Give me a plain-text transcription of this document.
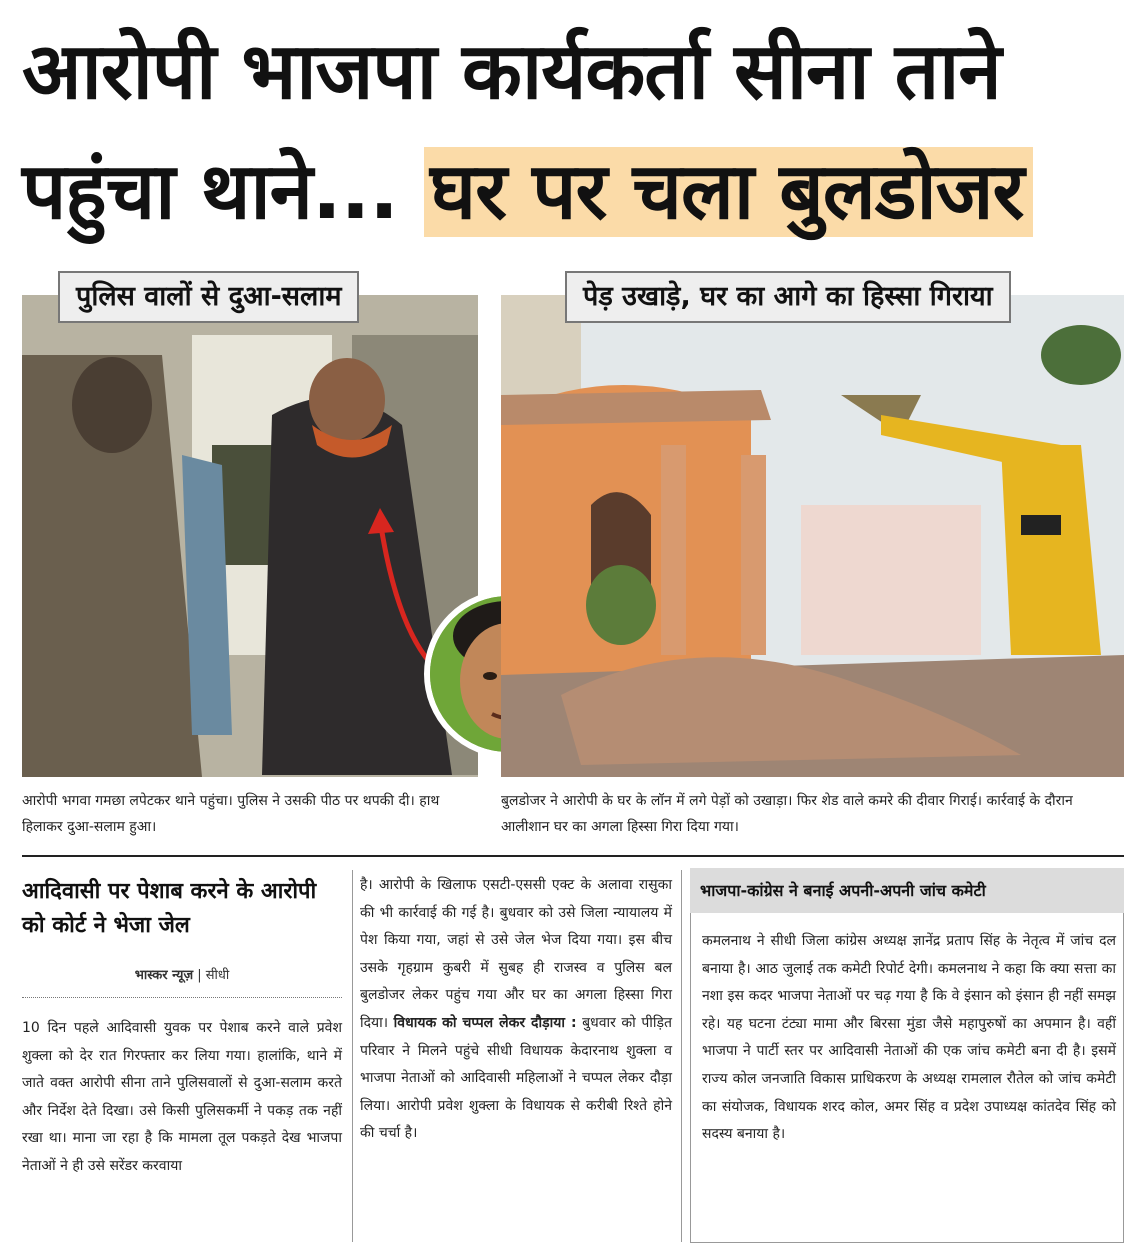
आरोपी भाजपा कार्यकर्ता सीना ताने
पहुंचा थाने... घर पर चला बुलडोजर
पुलिस वालों से दुआ-सलाम	पेड़ उखाड़े, घर का आगे का हिस्सा गिराया
आरोपी भगवा गमछा लपेटकर थाने पहुंचा। पुलिस ने उसकी पीठ पर थपकी दी। हाथ हिलाकर दुआ-सलाम हुआ।
बुलडोजर ने आरोपी के घर के लॉन में लगे पेड़ों को उखाड़ा। फिर शेड वाले कमरे की दीवार गिराई। कार्रवाई के दौरान आलीशान घर का अगला हिस्सा गिरा दिया गया।
आदिवासी पर पेशाब करने के आरोपी को कोर्ट ने भेजा जेल
भास्कर न्यूज़ | सीधी
10 दिन पहले आदिवासी युवक पर पेशाब करने वाले प्रवेश शुक्ला को देर रात गिरफ्तार कर लिया गया। हालांकि, थाने में जाते वक्त आरोपी सीना ताने पुलिसवालों से दुआ-सलाम करते और निर्देश देते दिखा। उसे किसी पुलिसकर्मी ने पकड़ तक नहीं रखा था। माना जा रहा है कि मामला तूल पकड़ते देख भाजपा नेताओं ने ही उसे सरेंडर करवाया
है। आरोपी के खिलाफ एसटी-एससी एक्ट के अलावा रासुका की भी कार्रवाई की गई है। बुधवार को उसे जिला न्यायालय में पेश किया गया, जहां से उसे जेल भेज दिया गया। इस बीच उसके गृहग्राम कुबरी में सुबह ही राजस्व व पुलिस बल बुलडोजर लेकर पहुंच गया और घर का अगला हिस्सा गिरा दिया। विधायक को चप्पल लेकर दौड़ाया : बुधवार को पीड़ित परिवार ने मिलने पहुंचे सीधी विधायक केदारनाथ शुक्ला व भाजपा नेताओं को आदिवासी महिलाओं ने चप्पल लेकर दौड़ा लिया। आरोपी प्रवेश शुक्ला के विधायक से करीबी रिश्ते होने की चर्चा है।
भाजपा-कांग्रेस ने बनाई अपनी-अपनी जांच कमेटी
कमलनाथ ने सीधी जिला कांग्रेस अध्यक्ष ज्ञानेंद्र प्रताप सिंह के नेतृत्व में जांच दल बनाया है। आठ जुलाई तक कमेटी रिपोर्ट देगी। कमलनाथ ने कहा कि क्या सत्ता का नशा इस कदर भाजपा नेताओं पर चढ़ गया है कि वे इंसान को इंसान ही नहीं समझ रहे। यह घटना टंट्या मामा और बिरसा मुंडा जैसे महापुरुषों का अपमान है। वहीं भाजपा ने पार्टी स्तर पर आदिवासी नेताओं की एक जांच कमेटी बना दी है। इसमें राज्य कोल जनजाति विकास प्राधिकरण के अध्यक्ष रामलाल रौतेल को जांच कमेटी का संयोजक, विधायक शरद कोल, अमर सिंह व प्रदेश उपाध्यक्ष कांतदेव सिंह को सदस्य बनाया है।
